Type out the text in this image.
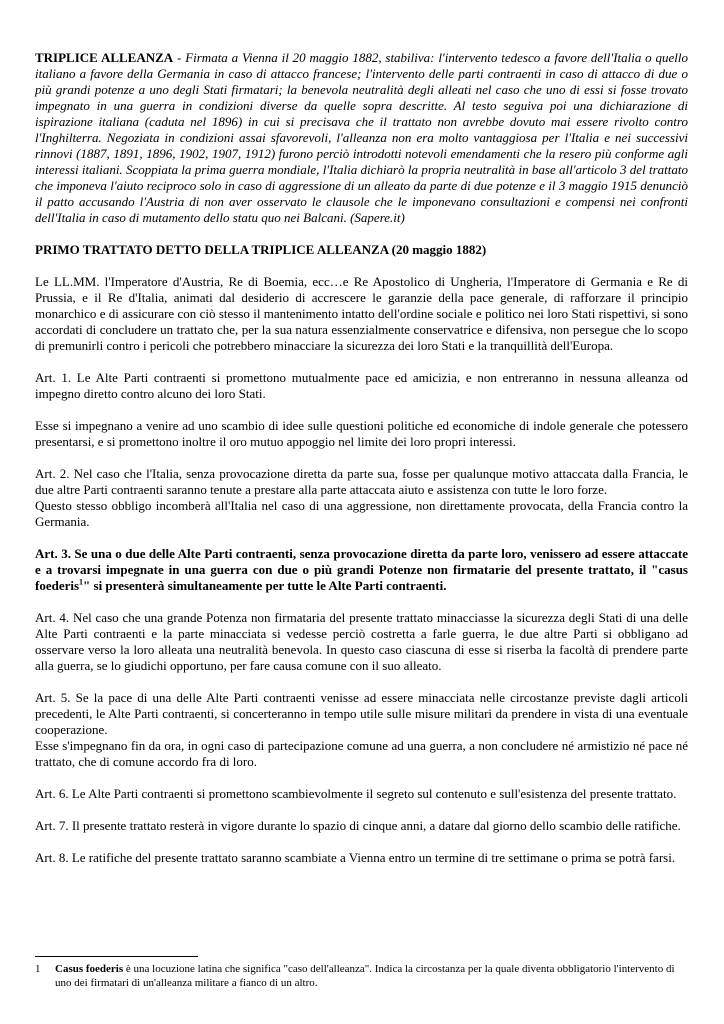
TRIPLICE ALLEANZA - Firmata a Vienna il 20 maggio 1882, stabiliva: l'intervento tedesco a favore dell'Italia o quello italiano a favore della Germania in caso di attacco francese; l'intervento delle parti contraenti in caso di attacco di due o più grandi potenze a uno degli Stati firmatari; la benevola neutralità degli alleati nel caso che uno di essi si fosse trovato impegnato in una guerra in condizioni diverse da quelle sopra descritte. Al testo seguiva poi una dichiarazione di ispirazione italiana (caduta nel 1896) in cui si precisava che il trattato non avrebbe dovuto mai essere rivolto contro l'Inghilterra. Negoziata in condizioni assai sfavorevoli, l'alleanza non era molto vantaggiosa per l'Italia e nei successivi rinnovi (1887, 1891, 1896, 1902, 1907, 1912) furono perciò introdotti notevoli emendamenti che la resero più conforme agli interessi italiani. Scoppiata la prima guerra mondiale, l'Italia dichiarò la propria neutralità in base all'articolo 3 del trattato che imponeva l'aiuto reciproco solo in caso di aggressione di un alleato da parte di due potenze e il 3 maggio 1915 denunciò il patto accusando l'Austria di non aver osservato le clausole che le imponevano consultazioni e compensi nei confronti dell'Italia in caso di mutamento dello statu quo nei Balcani. (Sapere.it)

PRIMO TRATTATO DETTO DELLA TRIPLICE ALLEANZA (20 maggio 1882)

Le LL.MM. l'Imperatore d'Austria, Re di Boemia, ecc…e Re Apostolico di Ungheria, l'Imperatore di Germania e Re di Prussia, e il Re d'Italia, animati dal desiderio di accrescere le garanzie della pace generale, di rafforzare il principio monarchico e di assicurare con ciò stesso il mantenimento intatto dell'ordine sociale e politico nei loro Stati rispettivi, si sono accordati di concludere un trattato che, per la sua natura essenzialmente conservatrice e difensiva, non persegue che lo scopo di premunirli contro i pericoli che potrebbero minacciare la sicurezza dei loro Stati e la tranquillità dell'Europa.

Art. 1. Le Alte Parti contraenti si promettono mutualmente pace ed amicizia, e non entreranno in nessuna alleanza od impegno diretto contro alcuno dei loro Stati.

Esse si impegnano a venire ad uno scambio di idee sulle questioni politiche ed economiche di indole generale che potessero presentarsi, e si promettono inoltre il oro mutuo appoggio nel limite dei loro propri interessi.

Art. 2. Nel caso che l'Italia, senza provocazione diretta da parte sua, fosse per qualunque motivo attaccata dalla Francia, le due altre Parti contraenti saranno tenute a prestare alla parte attaccata aiuto e assistenza con tutte le loro forze.
Questo stesso obbligo incomberà all'Italia nel caso di una aggressione, non direttamente provocata, della Francia contro la Germania.

Art. 3. Se una o due delle Alte Parti contraenti, senza provocazione diretta da parte loro, venissero ad essere attaccate e a trovarsi impegnate in una guerra con due o più grandi Potenze non firmatarie del presente trattato, il "casus foederis$^1$" si presenterà simultaneamente per tutte le Alte Parti contraenti.

Art. 4. Nel caso che una grande Potenza non firmataria del presente trattato minacciasse la sicurezza degli Stati di una delle Alte Parti contraenti e la parte minacciata si vedesse perciò costretta a farle guerra, le due altre Parti si obbligano ad osservare verso la loro alleata una neutralità benevola. In questo caso ciascuna di esse si riserba la facoltà di prendere parte alla guerra, se lo giudichi opportuno, per fare causa comune con il suo alleato.

Art. 5. Se la pace di una delle Alte Parti contraenti venisse ad essere minacciata nelle circostanze previste dagli articoli precedenti, le Alte Parti contraenti, si concerteranno in tempo utile sulle misure militari da prendere in vista di una eventuale cooperazione.
Esse s'impegnano fin da ora, in ogni caso di partecipazione comune ad una guerra, a non concludere né armistizio né pace né trattato, che di comune accordo fra di loro.

Art. 6. Le Alte Parti contraenti si promettono scambievolmente il segreto sul contenuto e sull'esistenza del presente trattato.

Art. 7. Il presente trattato resterà in vigore durante lo spazio di cinque anni, a datare dal giorno dello scambio delle ratifiche.

Art. 8. Le ratifiche del presente trattato saranno scambiate a Vienna entro un termine di tre settimane o prima se potrà farsi.

1 Casus foederis è una locuzione latina che significa "caso dell'alleanza". Indica la circostanza per la quale diventa obbligatorio l'intervento di uno dei firmatari di un'alleanza militare a fianco di un altro.
